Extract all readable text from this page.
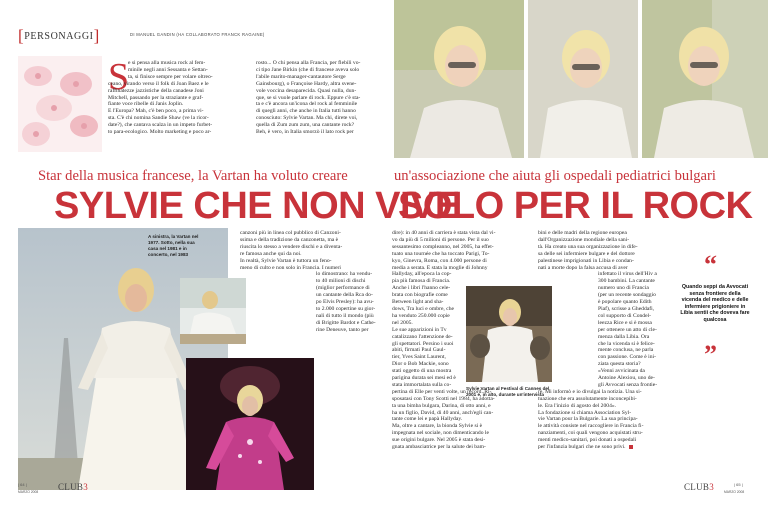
[PERSONAGGI]	DI MANUEL GANDIN (HA COLLABORATO FRANCK RAGAINE)
S
e si pensa alla musica rock al fem-
minile negli anni Sessanta e Settan-
ta, si finisce sempre per volare oltreo-
ceano, virando verso il folk di Joan Baez e le
raffinatezze jazzistiche della canadese Joni
Mitchell, passando per la straziante e graf-
fiante voce ribelle di Janis Joplin.
E l'Europa? Mah, c'è ben poco, a prima vi-
sta. C'è chi nomina Sandie Shaw (ve la ricor-
date?), che cantava scalza in un impeto furbet-
to para-ecologico. Molto marketing e poco ar-
rosto... O chi pensa alla Francia, per flebili vo-
ci tipo Jane Birkin (che di francese aveva solo
l'abile marito-manager-cantautore Serge
Gainsbourg), o Françoise Hardy, altra svene-
vole voccina desaparecida. Quasi nulla, dun-
que, se si vuole parlare di rock. Eppure c'è sta-
ta e c'è ancora un'icona del rock al femminile
di quegli anni, che anche in Italia tutti hanno
conosciuto: Sylvie Vartan. Ma chi, direte voi,
quella di Zum zum zum, una cantante rock?
Beh, è vero, in Italia smorzò il lato rock per
Star della musica francese, la Vartan ha voluto creare	un'associazione che aiuta gli ospedali pediatrici bulgari
SYLVIE CHE NON VIVE
SOLO PER IL ROCK
A sinistra, la Vartan nel
1977. Sotto, nella sua
casa nel 1981 e in
concerto, nel 1983
canzoni più in linea col pubblico di Canzoni-
ssima e della tradizione da canzonetta, ma è
riuscita lo stesso a vendere dischi e a diventa-
re famosa anche qui da noi.
In realtà, Sylvie Vartan è tuttora un feno-
meno di culto e non solo in Francia. I numeri
lo dimostrano: ha vendu-
to 40 milioni di dischi
(miglior performance di
un cantante della Rca do-
po Elvis Presley): ha avu-
to 2.000 copertine su gior-
nali di tutto il mondo (più
di Brigitte Bardot e Cathe-
rine Deneuve, tanto per
| 64 |
MARZO 2008 CLUB3
dire): in 40 anni di carriera è stata vista dal vi-
vo da più di 5 milioni di persone. Per il suo
sessantesimo compleanno, nel 2005, ha effet-
tuato una tournée che ha toccato Parigi, To-
kyo, Ginevra, Roma, con 4.000 persone di
media a serata. È stata la moglie di Johnny
Hallyday, all'epoca la cop-
pia più famosa di Francia.
Anche i libri l'hanno cele-
brata con biografie come
Between light and sha-
dows, Tra luci e ombre, che
ha venduto 250.000 copie
nel 2005.
Le sue apparizioni in Tv
catalizzano l'attenzione de-
gli spettatori. Persino i suoi
abiti, firmati Paul Gaul-
tier, Yves Saint Laurent,
Dior o Bob Mackie, sono
stati oggetto di una mostra
parigina durata sei mesi ed è
stata immortalata sulla co-
pertina di Elle per venti volte, un record. Ri-
sposatasi con Tony Scotti nel 1984, ha adotta-
ta una bimba bulgara, Darina, di otto anni, e
ha un figlio, David, di 40 anni, anch'egli can-
tante come lei e papà Hallyday.
Ma, oltre a cantare, la bionda Sylvie si è
impegnata nel sociale, non dimenticando le
sue origini bulgare. Nel 2005 è stata desi-
gnata ambasciatrice per la salute dei bam-
Sylvie Vartan al Festival di Cannes del
2001 e, in alto, durante un'intervista
bini e delle madri della regione europea
dall'Organizzazione mondiale della sani-
tà. Ha creato una sua organizzazione in dife-
sa delle sei infermiere bulgare e del dottore
palestinese imprigionati in Libia e condan-
nati a morte dopo la falsa accusa di aver
infettato il virus dell'Hiv a
300 bambini. La cantante
numero uno di Francia
(per un recente sondaggio
è popolare quanto Edith
Piaf), scrisse a Gheddafi,
col supporto di Condel-
leezza Rice e si è mossa
per ottenere un atto di cle-
menza dalla Libia. Ora
che la vicenda si è felice-
mente conclusa, ne parla
con passione. Come è ini-
ziata questa storia?
«Venni avvicinata da
Antoine Alexiou, uno de-
gli Avvocati senza frontie-
re. Mi informò e io divulgai la notizia. Una si-
tuazione che era assolutamente inconcepibi-
le. Era l'inizio di agosto del 2004».
La fondazione si chiama Association Syl-
vie Vartan pour la Bulgarie. La sua principa-
le attività consiste nel raccogliere in Francia fi-
nanziamenti, coi quali vengono acquistati stru-
menti medico-sanitari, poi donati a ospedali
per l'infanzia bulgari che ne sono privi.
“
Quando seppi da Avvocati senza frontiere della vicenda del medico e delle infermiere prigioniere in Libia sentii che doveva fare qualcosa
”
CLUB3	| 65 |
MARZO 2008
